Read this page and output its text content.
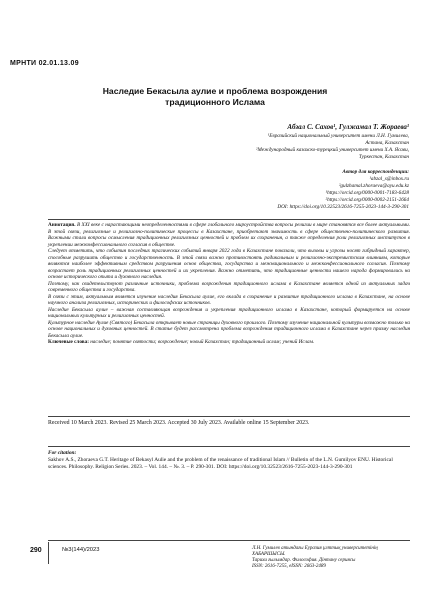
МРНТИ 02.01.13.09
Наследие Бекасыла аулие и проблема возрождения традиционного Ислама
Абзал С. Сахов¹, Гулжамал Т. Жораева¹
¹Евразийский национальный университет имени Л.Н. Гумилева,
Астана, Казахстан
²Международный казахско-турецкий университет имени Х.А. Ясави,
Туркестан, Казахстан
Автор для корреспонденции:
¹abzal_s@inbox.ru
²gulzhamal.zhoraeva@ayu.edu.kz
¹https://orcid.org/0000-0001-7183-6428
²https://orcid.org/0000-0002-2151-2664
DOI: https://doi.org/10.32523/2616-7255-2023-144-3-290-301

Аннотация. В XXI веке с нарастающими неопределенностями в сфере глобального мироустройства вопросы религии в мире становятся все более актуальными. В этой связи, религиозные и религиозно-политические процессы в Казахстане, приобретают значимость в сфере общественно-политического развития. Важными стали вопросы осмысления традиционных религиозных ценностей и проблем их сохранения, а также определения роли религиозных институтов в укреплении межконфессионального согласия в обществе.

Следует отметить, что события последних трагических событий января 2022 года в Казахстане показали, что вызовы и угрозы носят гибридный характер, способные разрушить общество и государственность. В этой связи важно противостоять радикальным и религиозно-экстремистским влияниям, которые являются наиболее эффективным средством разрушения основ общества, государства и межнационального и межконфессионального согласия. Поэтому возрастает роль традиционных религиозных ценностей и их укрепления. Важно отметить, что традиционные ценности нашего народа формировались на основе исторического опыта и духовного наследия.

Поэтому, как свидетельствуют различные источники, проблема возрождения традиционного ислама в Казахстане является одной из актуальных задач современного общества и государства.

В связи с этим, актуальным является изучение наследия Бекасыла аулие, его вклада в сохранение и развитие традиционного ислама в Казахстане, на основе научного анализа религиозных, исторических и философских источников.

Наследие Бекасыла аулие – важная составляющая возрождения и укрепления традиционного ислама в Казахстане, который формируется на основе национальных культурных и религиозных ценностей.

Культурное наследие Аулие (Святого) Бекасыла открывает новые страницы духовного прошлого. Поэтому изучение национальной культуры возможно только на основе национальных и духовных ценностей. В статье будет рассмотрена проблема возрождения традиционного ислама в Казахстане через призму наследия Бекасыла аулие.

Ключевые слова: наследие; понятие святости; возрождение; новый Казахстан; традиционный ислам; учений Ислам.

Received 10 March 2023. Revised 25 March 2023. Accepted 30 July 2023. Available online 15 September 2023.
For citation:
Sakhov A.S., Zhoraeva G.T. Heritage of Bekasyl Aulie and the problem of the renaissance of traditional Islam // Bulletin of the L.N. Gumilyov ENU. Historical sciences. Philosophy. Religion Series. 2023. – Vol. 144. – №. 3. – P. 290-301. DOI: https://doi.org/10.32523/2616-7255-2023-144-3-290-301
290	№3(144)/2023	Л.Н. Гумилев атындағы Еуразия ұлттық университетінің ХАБАРШЫСЫ.
Тарихи ғылымдар. Философия. Дінтану сериясы
ISSN: 2616-7255, eISSN: 2663-2489
